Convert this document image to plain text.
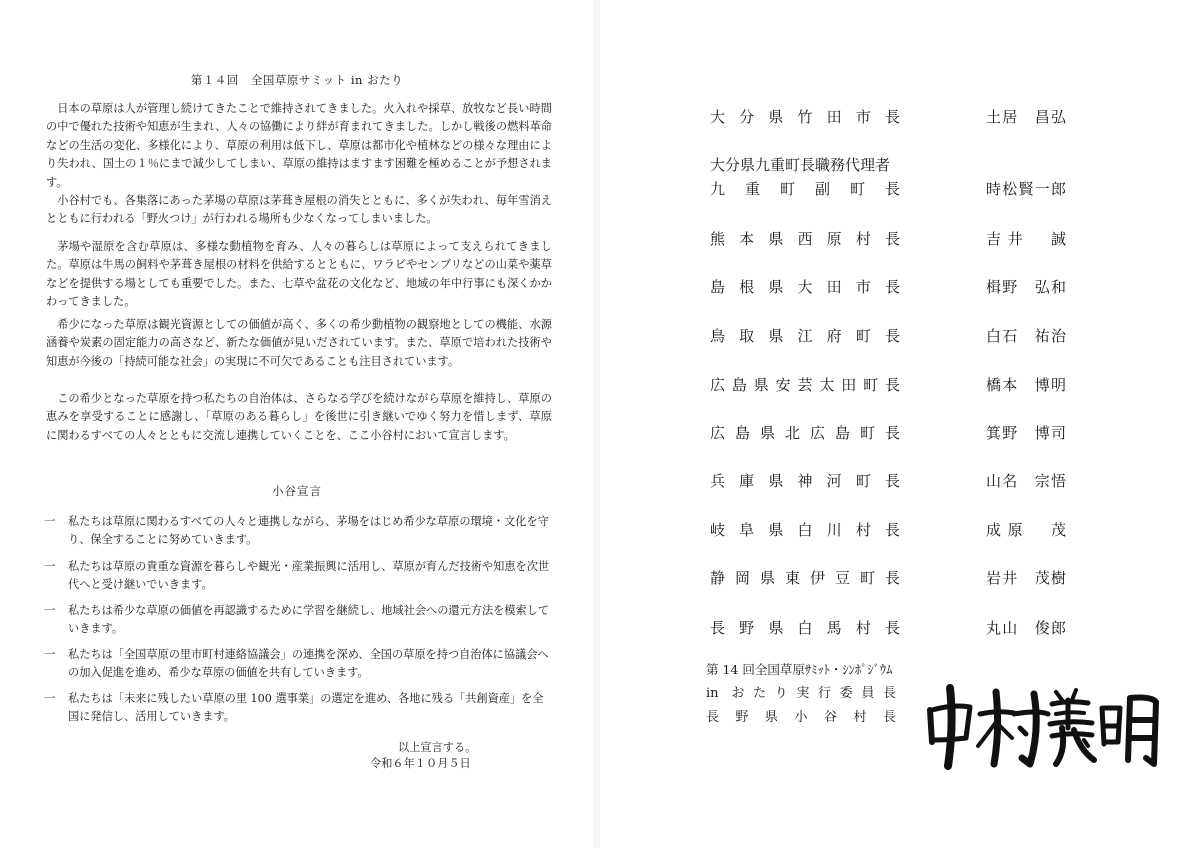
第１４回　全国草原サミット in おたり

日本の草原は人が管理し続けてきたことで維持されてきました。火入れや採草、放牧など長い時間の中で優れた技術や知恵が生まれ、人々の協働により絆が育まれてきました。しかし戦後の燃料革命などの生活の変化、多様化により、草原の利用は低下し、草原は都市化や植林などの様々な理由により失われ、国土の１％にまで減少してしまい、草原の維持はますます困難を極めることが予想されます。

小谷村でも、各集落にあった茅場の草原は茅葺き屋根の消失とともに、多くが失われ、毎年雪消えとともに行われる「野火つけ」が行われる場所も少なくなってしまいました。

茅場や湿原を含む草原は、多様な動植物を育み、人々の暮らしは草原によって支えられてきました。草原は牛馬の飼料や茅葺き屋根の材料を供給するとともに、ワラビやセンブリなどの山菜や薬草などを提供する場としても重要でした。また、七草や盆花の文化など、地域の年中行事にも深くかかわってきました。

希少になった草原は観光資源としての価値が高く、多くの希少動植物の観察地としての機能、水源涵養や炭素の固定能力の高さなど、新たな価値が見いだされています。また、草原で培われた技術や知恵が今後の「持続可能な社会」の実現に不可欠であることも注目されています。

この希少となった草原を持つ私たちの自治体は、さらなる学びを続けながら草原を維持し、草原の恵みを享受することに感謝し、「草原のある暮らし」を後世に引き継いでゆく努力を惜しまず、草原に関わるすべての人々とともに交流し連携していくことを、ここ小谷村において宣言します。

小谷宣言
一	私たちは草原に関わるすべての人々と連携しながら、茅場をはじめ希少な草原の環境・文化を守り、保全することに努めていきます。
一	私たちは草原の貴重な資源を暮らしや観光・産業振興に活用し、草原が育んだ技術や知恵を次世代へと受け継いでいきます。
一	私たちは希少な草原の価値を再認識するために学習を継続し、地域社会への還元方法を模索していきます。
一	私たちは「全国草原の里市町村連絡協議会」の連携を深め、全国の草原を持つ自治体に協議会への加入促進を進め、希少な草原の価値を共有していきます。
一	私たちは「未来に残したい草原の里 100 選事業」の選定を進め、各地に残る「共創資産」を全国に発信し、活用していきます。
以上宣言する。
令和６年１０月５日
大分県竹田市長	土居　昌弘
大分県九重町長職務代理者
九重町副町長	時松賢一郎
熊本県西原村長	吉井　誠
島根県大田市長	楫野　弘和
鳥取県江府町長	白石　祐治
広島県安芸太田町長	橋本　博明
広島県北広島町長	箕野　博司
兵庫県神河町長	山名　宗悟
岐阜県白川村長	成原　茂
静岡県東伊豆町長	岩井　茂樹
長野県白馬村長	丸山　俊郎
第 14 回全国草原ｻﾐｯﾄ・ｼﾝﾎﾟｼﾞｳﾑ
in おたり実行委員長
長野県小谷村長
